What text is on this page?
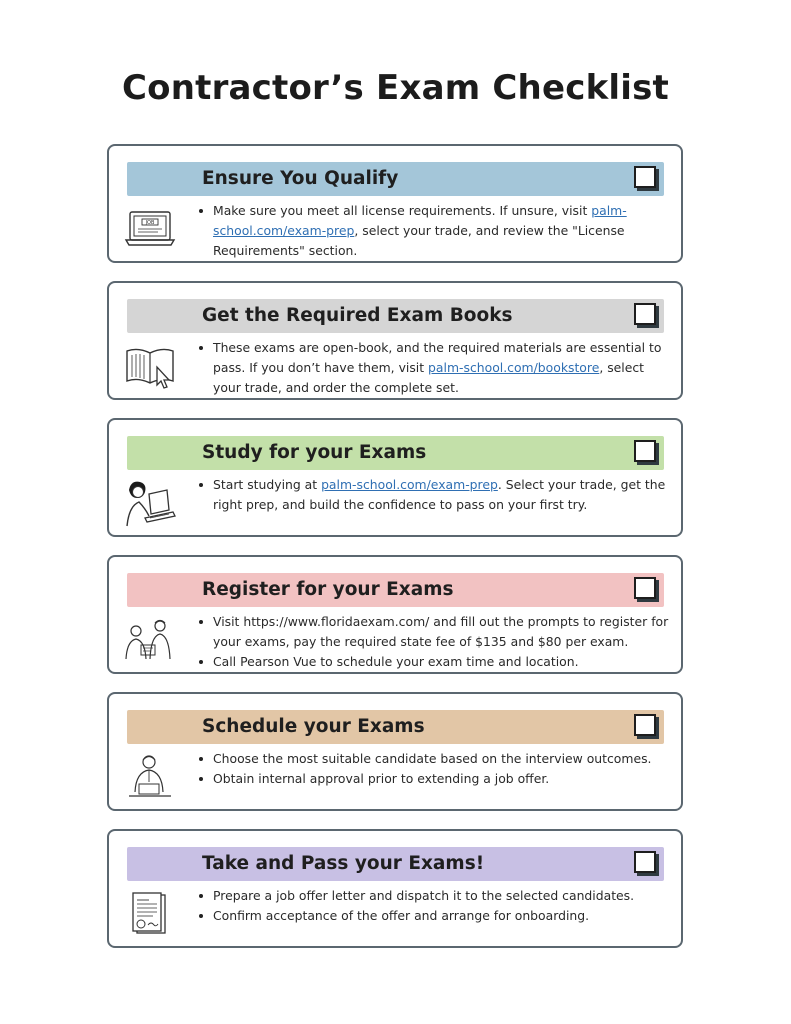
Contractor’s Exam Checklist
Ensure You Qualify
JOB
Make sure you meet all license requirements. If unsure, visit palm-school.com/exam-prep, select your trade, and review the "License Requirements" section.
Get the Required Exam Books
These exams are open-book, and the required materials are essential to pass. If you don’t have them, visit palm-school.com/bookstore, select your trade, and order the complete set.
Study for your Exams
Start studying at palm-school.com/exam-prep. Select your trade, get the right prep, and build the confidence to pass on your first try.
Register for your Exams
Visit https://www.floridaexam.com/ and fill out the prompts to register for your exams, pay the required state fee of $135 and $80 per exam.
Call Pearson Vue to schedule your exam time and location.
Schedule your Exams
Choose the most suitable candidate based on the interview outcomes.
Obtain internal approval prior to extending a job offer.
Take and Pass your Exams!
Prepare a job offer letter and dispatch it to the selected candidates.
Confirm acceptance of the offer and arrange for onboarding.
